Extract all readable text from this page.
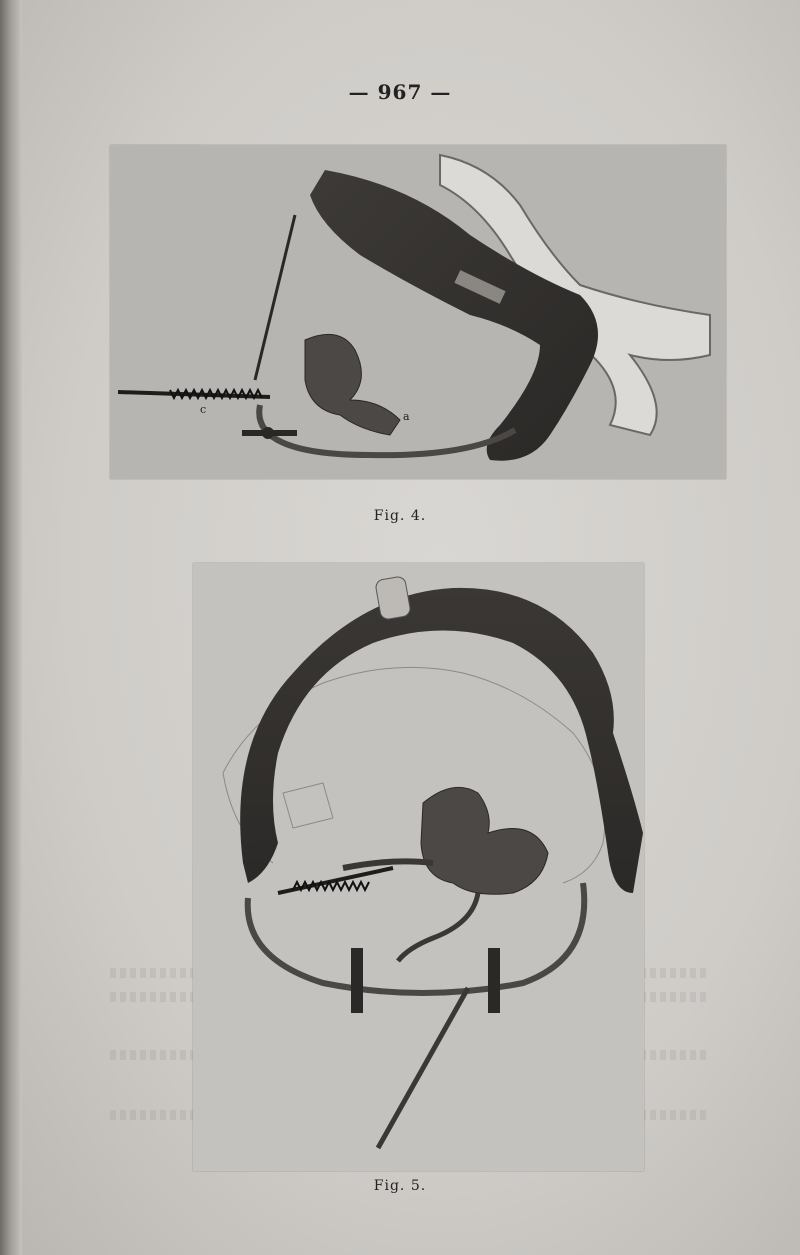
— 967 —
a
c
Fig. 4.
Fig. 5.
